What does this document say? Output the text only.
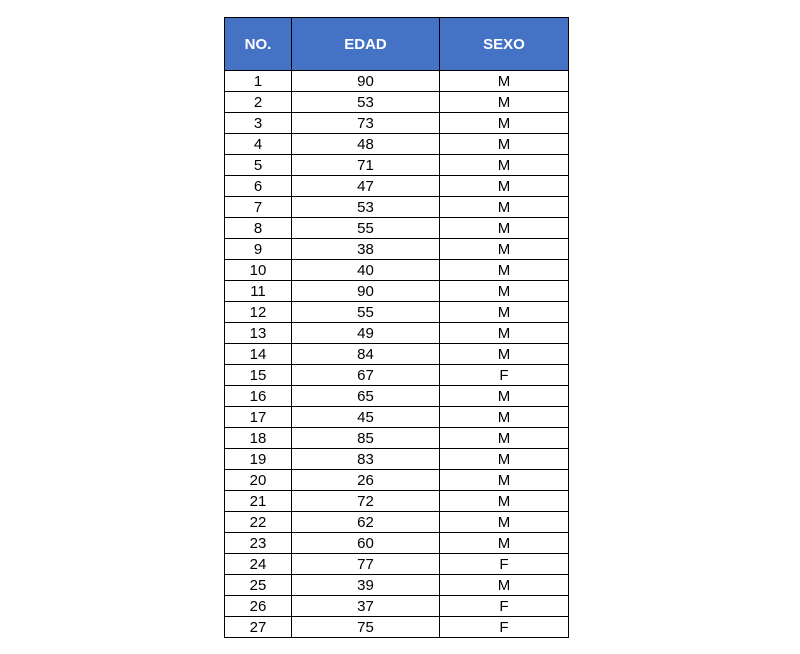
NO.	EDAD	SEXO
1	90	M
2	53	M
3	73	M
4	48	M
5	71	M
6	47	M
7	53	M
8	55	M
9	38	M
10	40	M
11	90	M
12	55	M
13	49	M
14	84	M
15	67	F
16	65	M
17	45	M
18	85	M
19	83	M
20	26	M
21	72	M
22	62	M
23	60	M
24	77	F
25	39	M
26	37	F
27	75	F
